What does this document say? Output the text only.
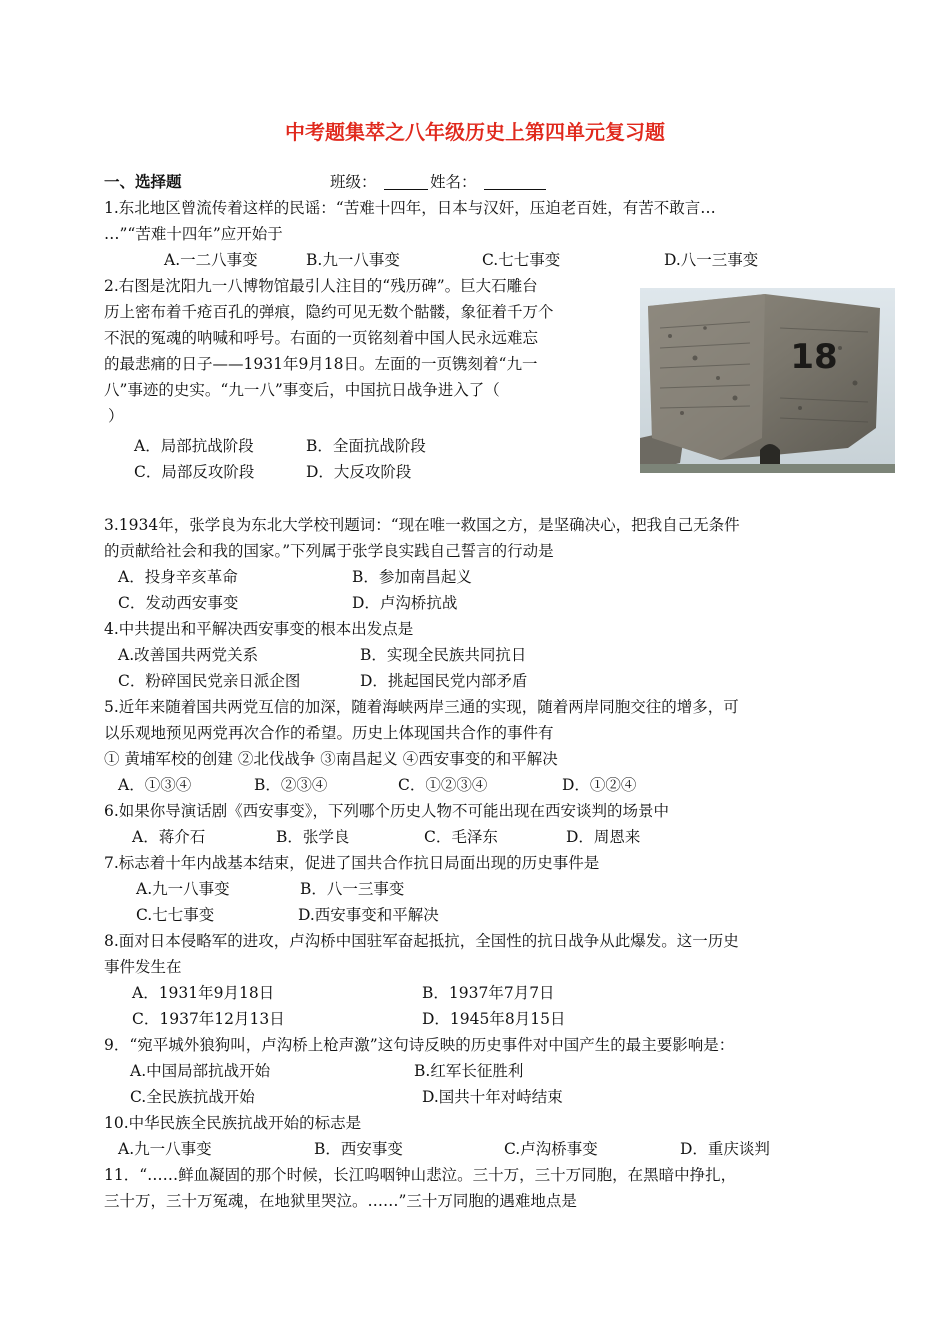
中考题集萃之八年级历史上第四单元复习题
一、选择题	班级：	姓名：
1.东北地区曾流传着这样的民谣：“苦难十四年，日本与汉奸，压迫老百姓，有苦不敢言…
…”“苦难十四年”应开始于
A.一二八事变	B.九一八事变	C.七七事变	D.八一三事变
2.右图是沈阳九一八博物馆最引人注目的“残历碑”。巨大石雕台
历上密布着千疮百孔的弹痕，隐约可见无数个骷髅，象征着千万个
不泯的冤魂的呐喊和呼号。右面的一页铭刻着中国人民永远难忘
的最悲痛的日子——1931年9月18日。左面的一页镌刻着“九一
八”事迹的史实。“九一八”事变后，中国抗日战争进入了（
）
A．局部抗战阶段	B．全面抗战阶段
C．局部反攻阶段	D．大反攻阶段
18
3.1934年，张学良为东北大学校刊题词：“现在唯一救国之方，是坚确决心，把我自己无条件
的贡献给社会和我的国家。”下列属于张学良实践自己誓言的行动是
A．投身辛亥革命	B．参加南昌起义
C．发动西安事变	D．卢沟桥抗战
4.中共提出和平解决西安事变的根本出发点是
A.改善国共两党关系	B．实现全民族共同抗日
C．粉碎国民党亲日派企图	D．挑起国民党内部矛盾
5.近年来随着国共两党互信的加深，随着海峡两岸三通的实现，随着两岸同胞交往的增多，可
以乐观地预见两党再次合作的希望。历史上体现国共合作的事件有
① 黄埔军校的创建 ②北伐战争 ③南昌起义 ④西安事变的和平解决
A．①③④	B．②③④	C．①②③④	D．①②④
6.如果你导演话剧《西安事变》，下列哪个历史人物不可能出现在西安谈判的场景中
A．蒋介石	B．张学良	C．毛泽东	D．周恩来
7.标志着十年内战基本结束，促进了国共合作抗日局面出现的历史事件是
A.九一八事变	B．八一三事变
C.七七事变	D.西安事变和平解决
8.面对日本侵略军的进攻，卢沟桥中国驻军奋起抵抗，全国性的抗日战争从此爆发。这一历史
事件发生在
A．1931年9月18日	B．1937年7月7日
C．1937年12月13日	D．1945年8月15日
9．“宛平城外狼狗叫，卢沟桥上枪声激”这句诗反映的历史事件对中国产生的最主要影响是：
A.中国局部抗战开始	B.红军长征胜利
C.全民族抗战开始	D.国共十年对峙结束
10.中华民族全民族抗战开始的标志是
A.九一八事变	B．西安事变	C.卢沟桥事变	D．重庆谈判
11．“……鲜血凝固的那个时候，长江呜咽钟山悲泣。三十万，三十万同胞，在黑暗中挣扎，
三十万，三十万冤魂，在地狱里哭泣。……”三十万同胞的遇难地点是
